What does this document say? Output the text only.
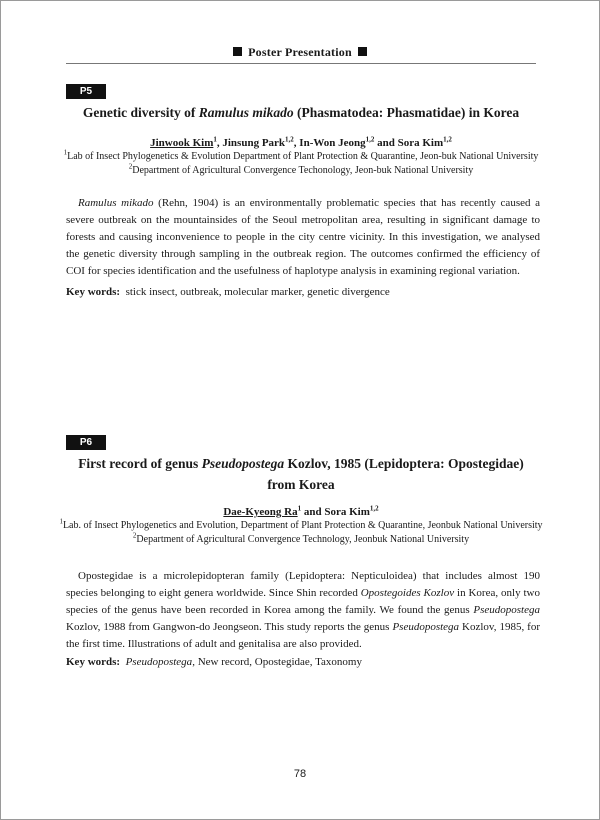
Poster Presentation
P5
Genetic diversity of Ramulus mikado (Phasmatodea: Phasmatidae) in Korea
Jinwook Kim$^1$, Jinsung Park$^{1,2}$, In-Won Jeong$^{1,2}$ and Sora Kim$^{1,2}$
$^1$Lab of Insect Phylogenetics & Evolution Department of Plant Protection & Quarantine, Jeon-buk National University
$^2$Department of Agricultural Convergence Techonology, Jeon-buk National University
Ramulus mikado (Rehn, 1904) is an environmentally problematic species that has recently caused a severe outbreak on the mountainsides of the Seoul metropolitan area, resulting in significant damage to forests and causing inconvenience to people in the city centre vicinity. In this investigation, we analysed the genetic diversity through sampling in the outbreak region. The outcomes confirmed the efficiency of COI for species identification and the usefulness of haplotype analysis in examining regional variation.
Key words: stick insect, outbreak, molecular marker, genetic divergence
P6
First record of genus Pseudopostega Kozlov, 1985 (Lepidoptera: Opostegidae) from Korea
Dae-Kyeong Ra$^1$ and Sora Kim$^{1,2}$
$^1$Lab. of Insect Phylogenetics and Evolution, Department of Plant Protection & Quarantine, Jeonbuk National University
$^2$Department of Agricultural Convergence Technology, Jeonbuk National University
Opostegidae is a microlepidopteran family (Lepidoptera: Nepticuloidea) that includes almost 190 species belonging to eight genera worldwide. Since Shin recorded Opostegoides Kozlov in Korea, only two species of the genus have been recorded in Korea among the family. We found the genus Pseudopostega Kozlov, 1988 from Gangwon-do Jeongseon. This study reports the genus Pseudopostega Kozlov, 1985, for the first time. Illustrations of adult and genitalisa are also provided.
Key words: Pseudopostega, New record, Opostegidae, Taxonomy
78
